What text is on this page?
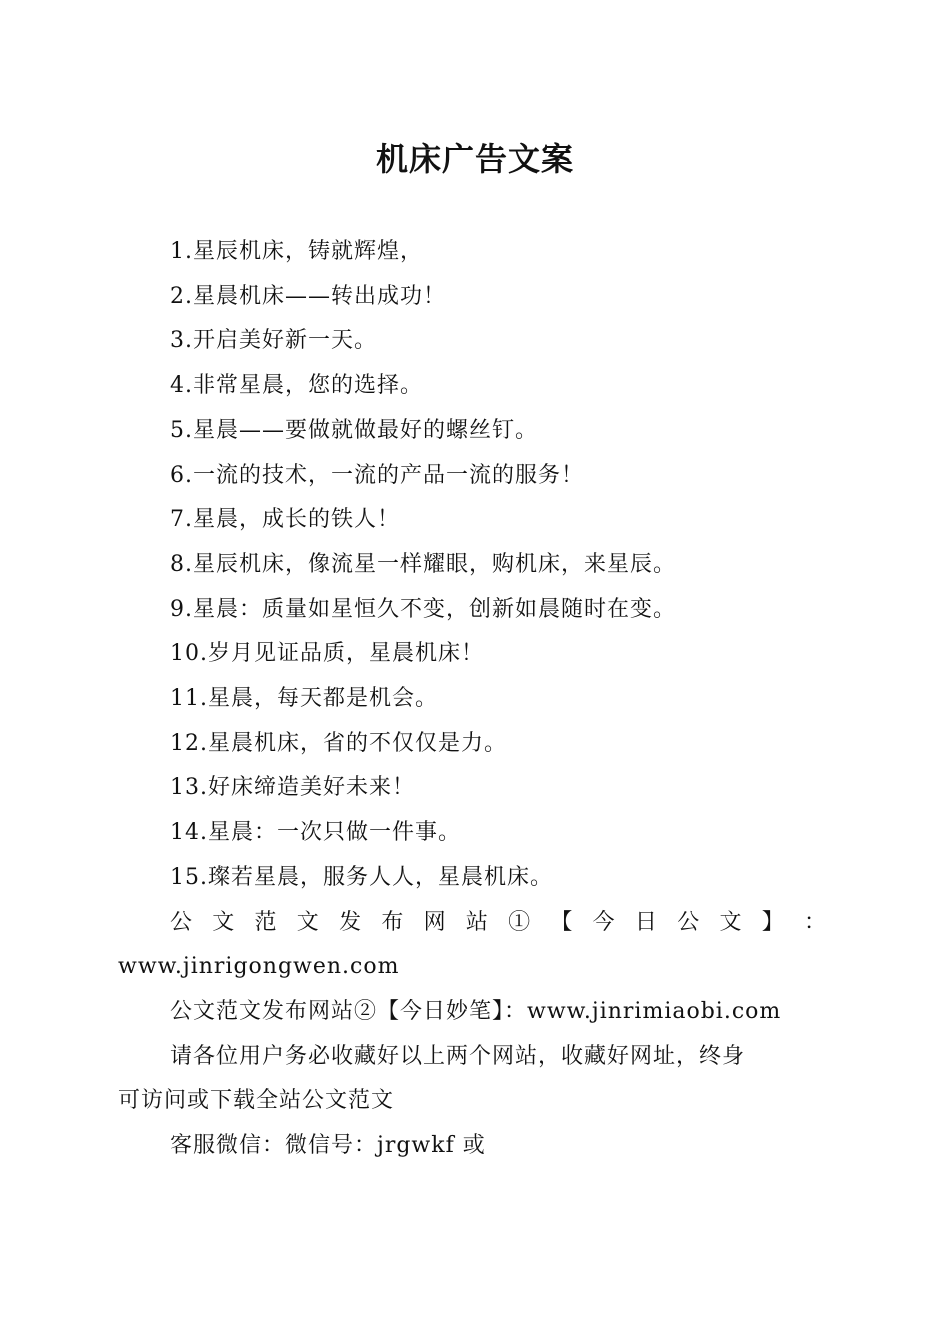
机床广告文案
1.星辰机床，铸就辉煌，
2.星晨机床——转出成功！
3.开启美好新一天。
4.非常星晨，您的选择。
5.星晨——要做就做最好的螺丝钉。
6.一流的技术，一流的产品一流的服务！
7.星晨，成长的铁人！
8.星辰机床，像流星一样耀眼，购机床，来星辰。
9.星晨：质量如星恒久不变，创新如晨随时在变。
10.岁月见证品质，星晨机床！
11.星晨，每天都是机会。
12.星晨机床，省的不仅仅是力。
13.好床缔造美好未来！
14.星晨：一次只做一件事。
15.璨若星晨，服务人人，星晨机床。
公 文 范 文 发 布 网 站 ① 【 今 日 公 文 】 ：
www.jinrigongwen.com
公文范文发布网站②【今日妙笔】：www.jinrimiaobi.com
请各位用户务必收藏好以上两个网站，收藏好网址，终身
可访问或下载全站公文范文
客服微信：微信号：jrgwkf 或
